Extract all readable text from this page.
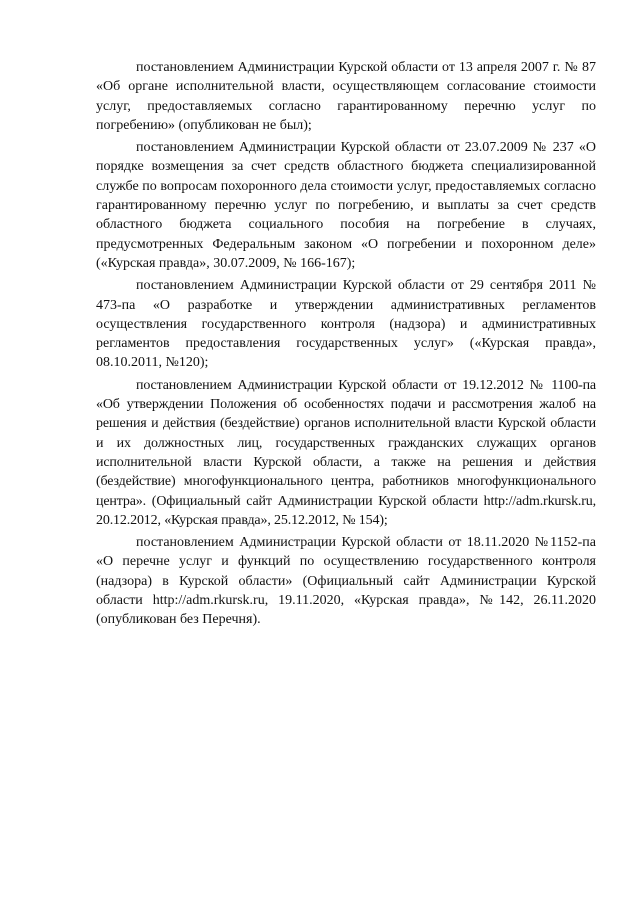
постановлением Администрации Курской области от 13 апреля 2007 г. № 87 «Об органе исполнительной власти, осуществляющем согласование стоимости услуг, предоставляемых согласно гарантированному перечню услуг по погребению» (опубликован не был);

постановлением Администрации Курской области от 23.07.2009 № 237 «О порядке возмещения за счет средств областного бюджета специализированной службе по вопросам похоронного дела стоимости услуг, предоставляемых согласно гарантированному перечню услуг по погребению, и выплаты за счет средств областного бюджета социального пособия на погребение в случаях, предусмотренных Федеральным законом «О погребении и похоронном деле» («Курская правда», 30.07.2009, № 166-167);

постановлением Администрации Курской области от 29 сентября 2011 № 473-па «О разработке и утверждении административных регламентов осуществления государственного контроля (надзора) и административных регламентов предоставления государственных услуг» («Курская правда», 08.10.2011, №120);

постановлением Администрации Курской области от 19.12.2012 № 1100-па «Об утверждении Положения об особенностях подачи и рассмотрения жалоб на решения и действия (бездействие) органов исполнительной власти Курской области и их должностных лиц, государственных гражданских служащих органов исполнительной власти Курской области, а также на решения и действия (бездействие) многофункционального центра, работников многофункционального центра». (Официальный сайт Администрации Курской области http://adm.rkursk.ru, 20.12.2012, «Курская правда», 25.12.2012, № 154);

постановлением Администрации Курской области от 18.11.2020 №1152-па «О перечне услуг и функций по осуществлению государственного контроля (надзора) в Курской области» (Официальный сайт Администрации Курской области http://adm.rkursk.ru, 19.11.2020, «Курская правда», №142, 26.11.2020 (опубликован без Перечня).
